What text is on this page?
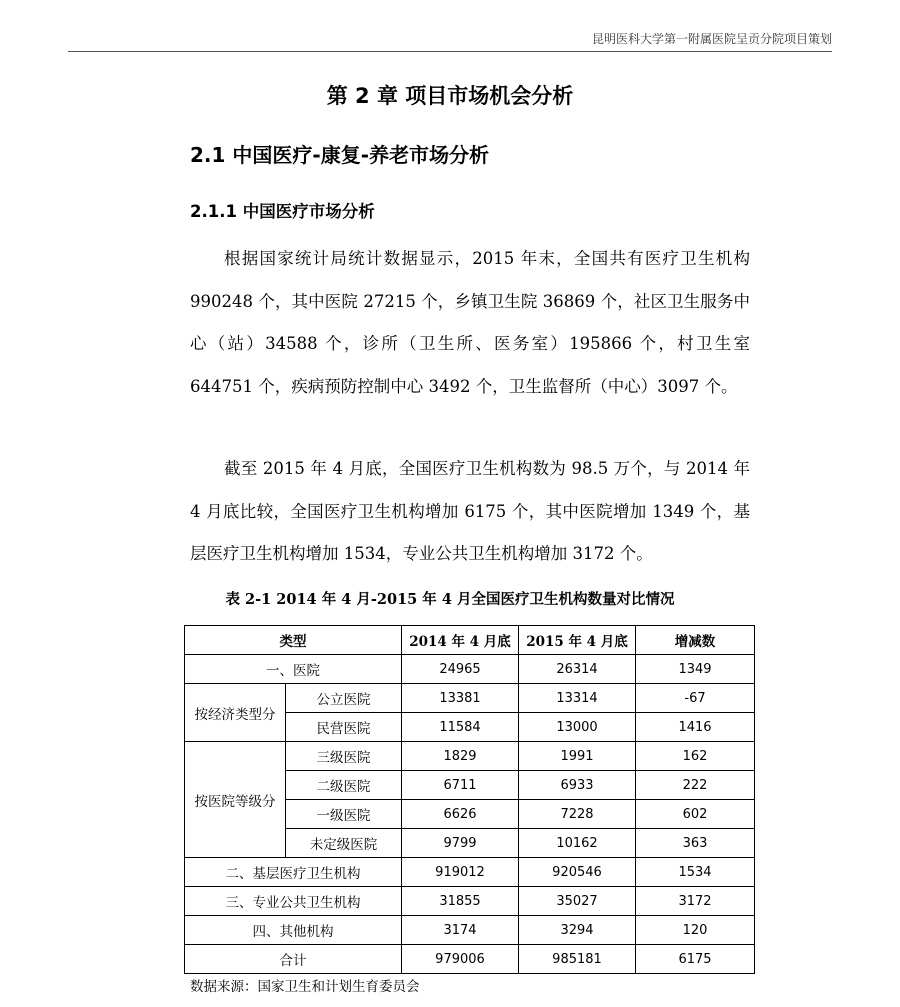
昆明医科大学第一附属医院呈贡分院项目策划
第 2 章 项目市场机会分析
2.1 中国医疗-康复-养老市场分析
2.1.1 中国医疗市场分析

根据国家统计局统计数据显示，2015 年末，全国共有医疗卫生机构 990248 个，其中医院 27215 个，乡镇卫生院 36869 个，社区卫生服务中心（站）34588 个，诊所（卫生所、医务室）195866 个，村卫生室 644751 个，疾病预防控制中心 3492 个，卫生监督所（中心）3097 个。

截至 2015 年 4 月底，全国医疗卫生机构数为 98.5 万个，与 2014 年 4 月底比较，全国医疗卫生机构增加 6175 个，其中医院增加 1349 个，基层医疗卫生机构增加 1534，专业公共卫生机构增加 3172 个。

表 2-1 2014 年 4 月-2015 年 4 月全国医疗卫生机构数量对比情况
类型		2014 年 4 月底	2015 年 4 月底	增减数
一、医院		24965	26314	1349
按经济类型分	公立医院	13381	13314	-67
	民营医院	11584	13000	1416
按医院等级分	三级医院	1829	1991	162
	二级医院	6711	6933	222
	一级医院	6626	7228	602
	未定级医院	9799	10162	363
二、基层医疗卫生机构		919012	920546	1534
三、专业公共卫生机构		31855	35027	3172
四、其他机构		3174	3294	120
合计		979006	985181	6175
数据来源：国家卫生和计划生育委员会
